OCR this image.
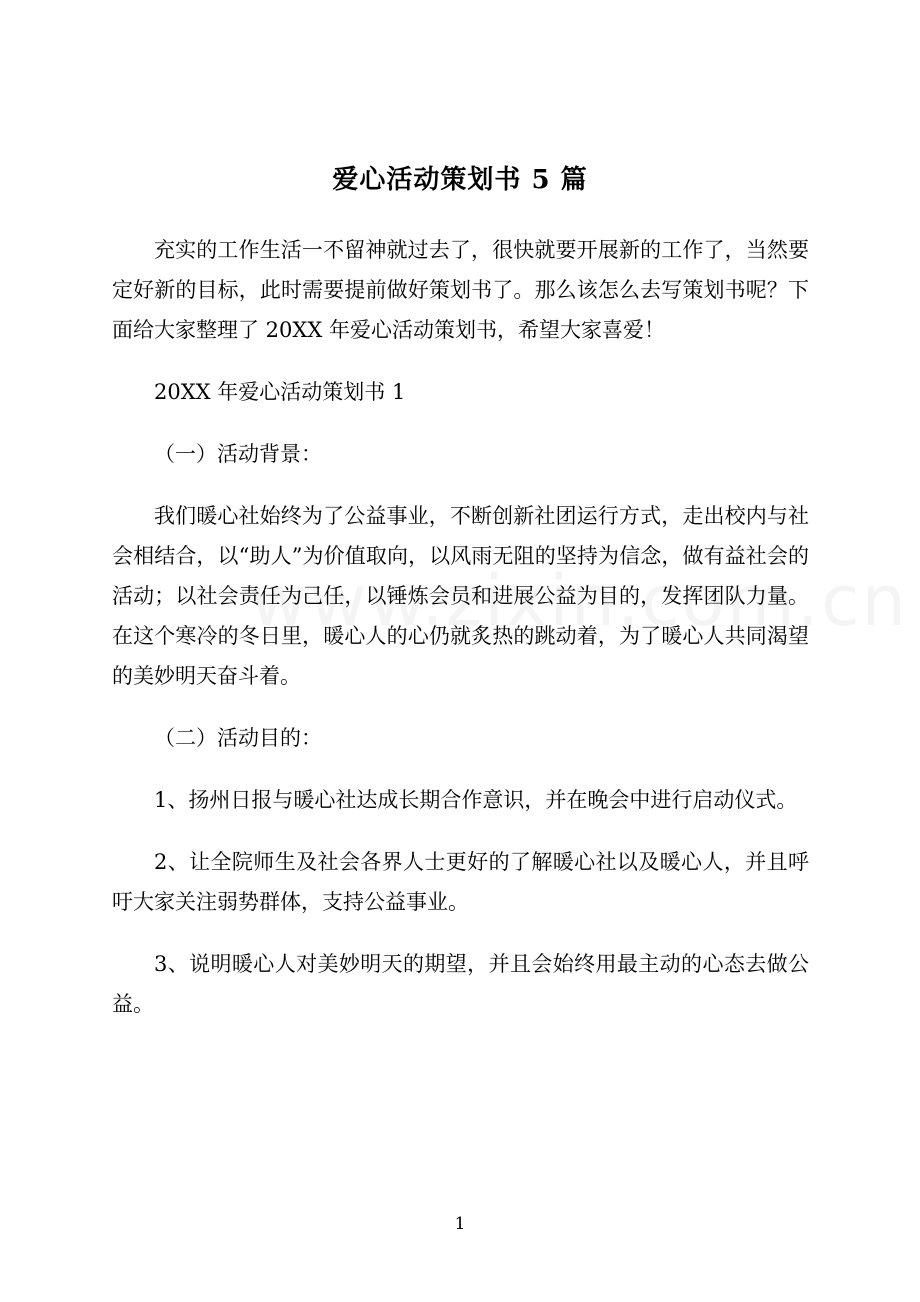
爱心活动策划书 5 篇

充实的工作生活一不留神就过去了，很快就要开展新的工作了，当然要定好新的目标，此时需要提前做好策划书了。那么该怎么去写策划书呢？下面给大家整理了 20XX 年爱心活动策划书，希望大家喜爱！

20XX 年爱心活动策划书 1

（一）活动背景：

我们暖心社始终为了公益事业，不断创新社团运行方式，走出校内与社会相结合，以“助人”为价值取向，以风雨无阻的坚持为信念，做有益社会的活动；以社会责任为己任，以锤炼会员和进展公益为目的，发挥团队力量。在这个寒冷的冬日里，暖心人的心仍就炙热的跳动着，为了暖心人共同渴望的美妙明天奋斗着。

（二）活动目的：

1、扬州日报与暖心社达成长期合作意识，并在晚会中进行启动仪式。

2、让全院师生及社会各界人士更好的了解暖心社以及暖心人，并且呼吁大家关注弱势群体，支持公益事业。

3、说明暖心人对美妙明天的期望，并且会始终用最主动的心态去做公益。

1
